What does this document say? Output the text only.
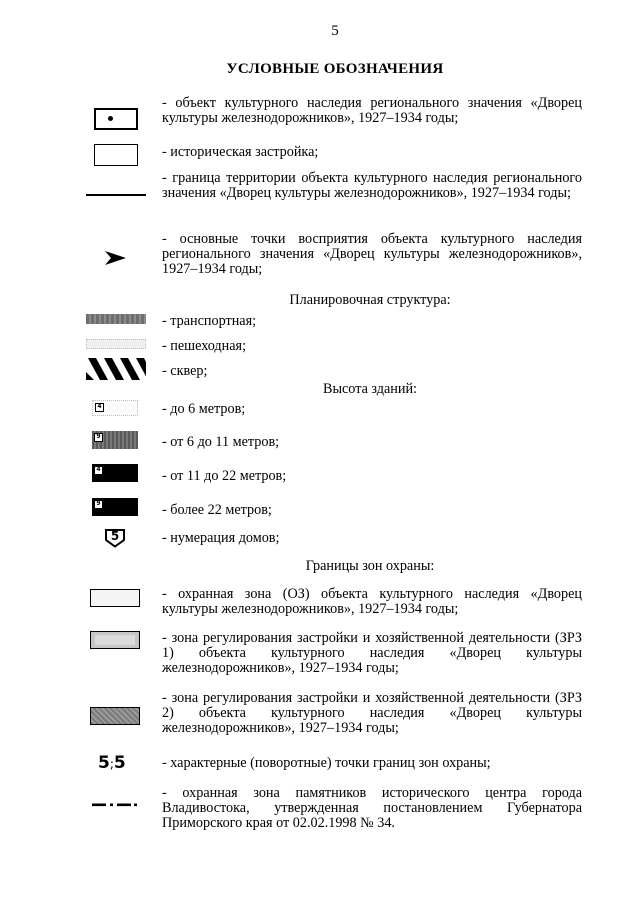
5
УСЛОВНЫЕ ОБОЗНАЧЕНИЯ
- объект культурного наследия регионального значения «Дворец культуры железнодорожников», 1927–1934 годы;
- историческая застройка;
- граница территории объекта культурного наследия регионального значения «Дворец культуры железнодорожников», 1927–1934 годы;
- основные точки восприятия объекта культурного наследия регионального значения «Дворец культуры железнодорожников», 1927–1934 годы;
Планировочная структура:
- транспортная;
- пешеходная;
- сквер;
Высота зданий:
4	- до 6 метров;
9	- от 6 до 11 метров;
4	- от 11 до 22 метров;
9	- более 22 метров;
5	- нумерация домов;
Границы зон охраны:
- охранная зона (ОЗ) объекта культурного наследия «Дворец культуры железнодорожников», 1927–1934 годы;
- зона регулирования застройки и хозяйственной деятельности (ЗРЗ 1) объекта культурного наследия «Дворец культуры железнодорожников», 1927–1934 годы;
- зона регулирования застройки и хозяйственной деятельности (ЗРЗ 2) объекта культурного наследия «Дворец культуры железнодорожников», 1927–1934 годы;
5;5	- характерные (поворотные) точки границ зон охраны;
- охранная зона памятников исторического центра города Владивостока, утвержденная постановлением Губернатора Приморского края от 02.02.1998 № 34.
